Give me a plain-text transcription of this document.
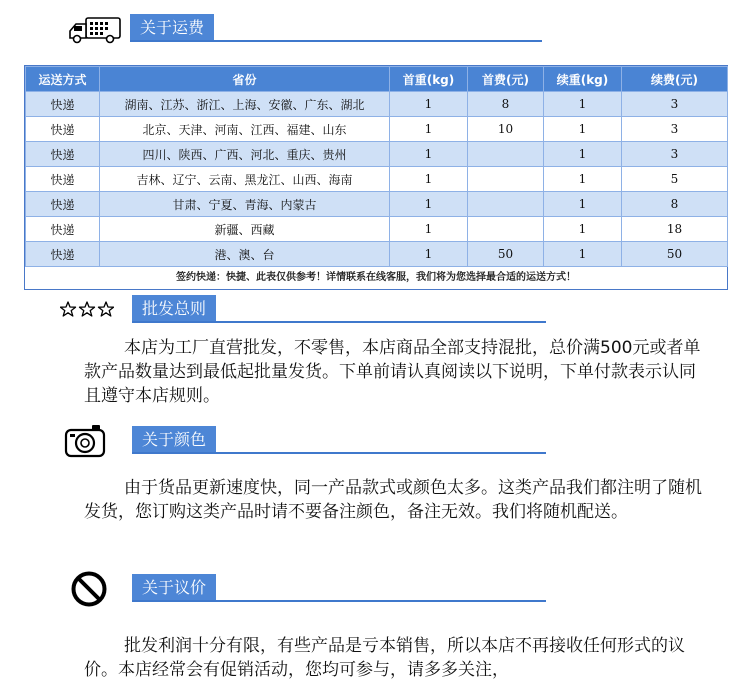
关于运费
运送方式	省份	首重(kg)	首费(元)	续重(kg)	续费(元)
快递	湖南、江苏、浙江、上海、安徽、广东、湖北	1	8	1	3
快递	北京、天津、河南、江西、福建、山东	1	10	1	3
快递	四川、陕西、广西、河北、重庆、贵州	1		1	3
快递	吉林、辽宁、云南、黑龙江、山西、海南	1		1	5
快递	甘肃、宁夏、青海、内蒙古	1		1	8
快递	新疆、西藏	1		1	18
快递	港、澳、台	1	50	1	50
签约快递：快捷、此表仅供参考！详情联系在线客服，我们将为您选择最合适的运送方式！
批发总则

本店为工厂直营批发，不零售，本店商品全部支持混批，总价满500元或者单款产品数量达到最低起批量发货。下单前请认真阅读以下说明，下单付款表示认同且遵守本店规则。

关于颜色

由于货品更新速度快，同一产品款式或颜色太多。这类产品我们都注明了随机发货，您订购这类产品时请不要备注颜色，备注无效。我们将随机配送。

关于议价

批发利润十分有限，有些产品是亏本销售，所以本店不再接收任何形式的议价。本店经常会有促销活动，您均可参与，请多多关注，
